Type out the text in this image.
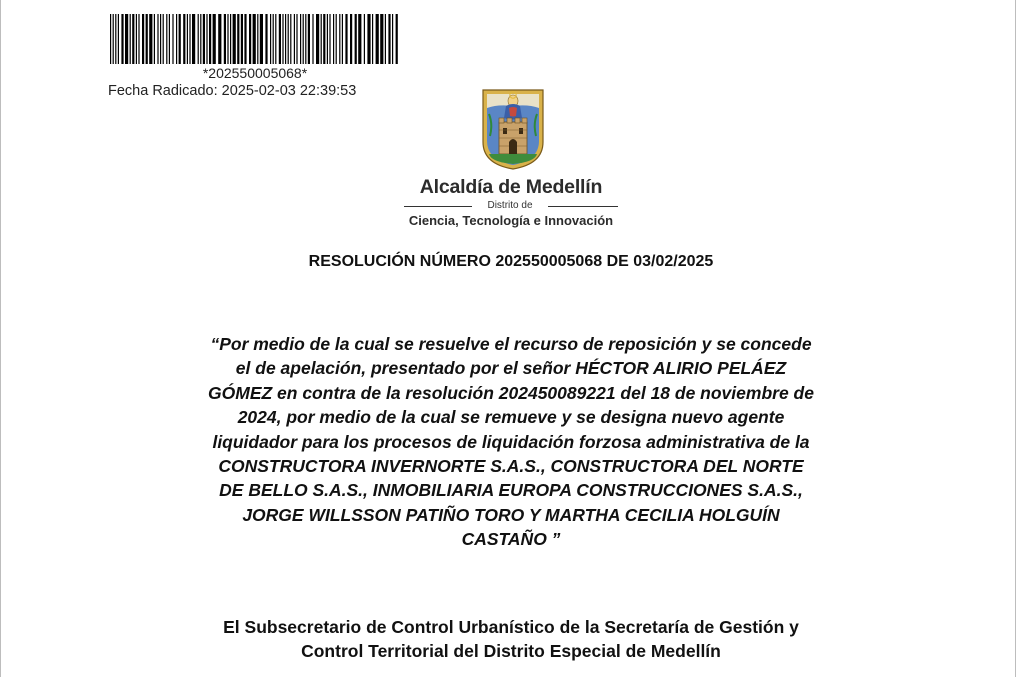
*202550005068*
Fecha Radicado: 2025-02-03 22:39:53
Alcaldía de Medellín
Distrito de
Ciencia, Tecnología e Innovación
RESOLUCIÓN NÚMERO 202550005068 DE 03/02/2025
“Por medio de la cual se resuelve el recurso de reposición y se concede
el de apelación, presentado por el señor HÉCTOR ALIRIO PELÁEZ
GÓMEZ en contra de la resolución 202450089221 del 18 de noviembre de
2024, por medio de la cual se remueve y se designa nuevo agente
liquidador para los procesos de liquidación forzosa administrativa de la
CONSTRUCTORA INVERNORTE S.A.S., CONSTRUCTORA DEL NORTE
DE BELLO S.A.S., INMOBILIARIA EUROPA CONSTRUCCIONES S.A.S.,
JORGE WILLSSON PATIÑO TORO Y MARTHA CECILIA HOLGUÍN
CASTAÑO ”
El Subsecretario de Control Urbanístico de la Secretaría de Gestión y
Control Territorial del Distrito Especial de Medellín
